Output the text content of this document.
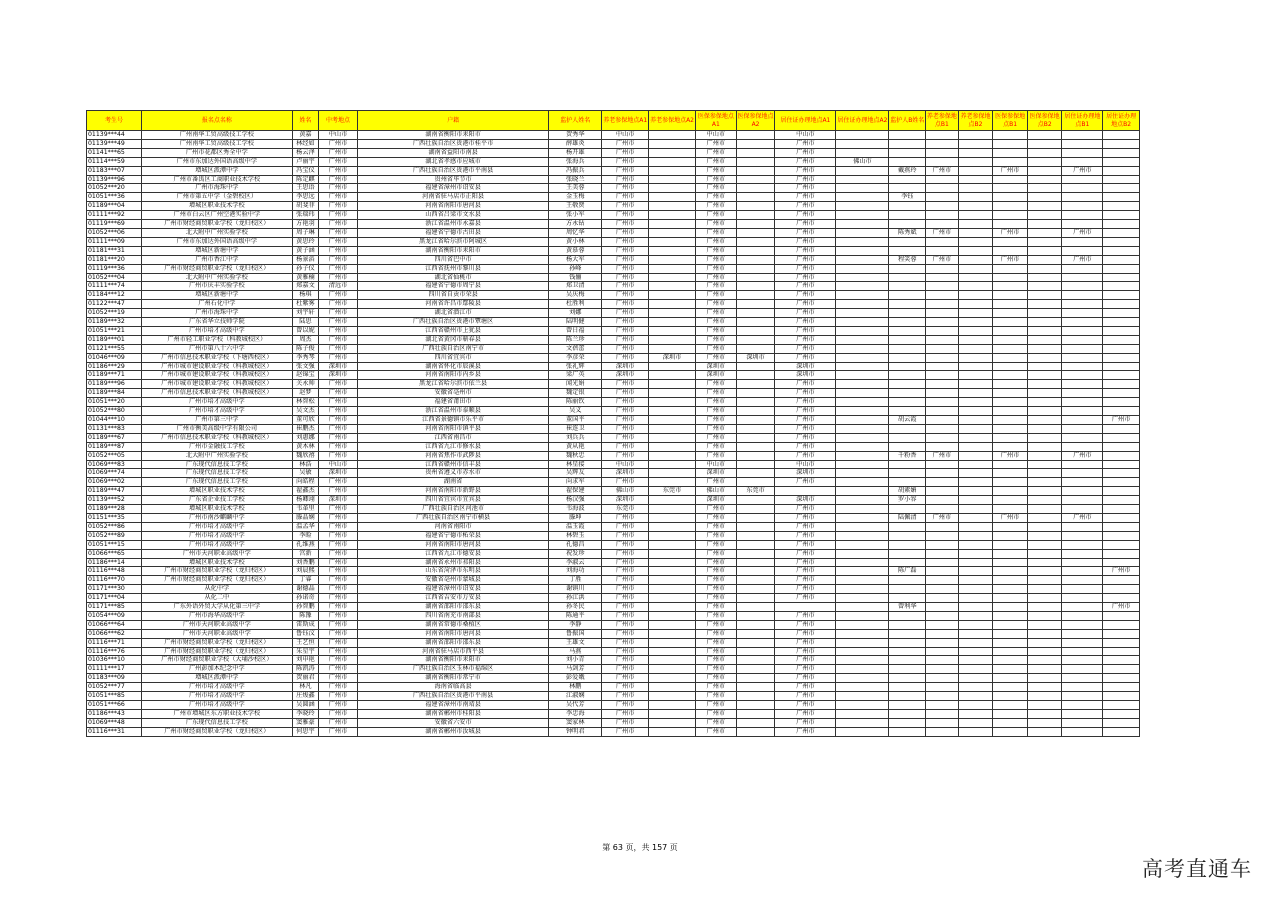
考生号	报名点名称	姓名	中考地点	户籍	监护人姓名	养老参保地点A1	养老参保地点A2	医保参保地点A1	医保参保地点A2	居住证办理地点A1	居住证办理地点A2	监护人B姓名	养老参保地点B1	养老参保地点B2	医保参保地点B1	医保参保地点B2	居住证办理地点B1	居住证办理地点B2
01139***44	广州南华工贸高级技工学校	黄嘉	中山市	湖南省衡阳市耒阳市	贺秀华	中山市		中山市		中山市								
01139***49	广州南华工贸高级技工学校	林经如	广州市	广西壮族自治区贵港市桂平市	薛雄炎	广州市		广州市		广州市								
01141***65	广州市花都区秀全中学	杨云泽	广州市	湖南省益阳市南县	杨开雄	广州市		广州市		广州市								
01114***59	广州市东加达外国语高级中学	卢丽宇	广州市	湖北省孝感市应城市	张海兵	广州市		广州市		广州市	佛山市							
01183***07	增城区派潭中学	冯宝仪	广州市	广西壮族自治区贵港市平南县	冯振兵	广州市		广州市		广州市		戴燕玲	广州市		广州市		广州市	
01139***96	广州市番禺区工商职业技术学校	陈定麒	广州市	贵州省毕节市	张晓兰	广州市		广州市		广州市								
01052***20	广州市海珠中学	王思语	广州市	福建省漳州市诏安县	王美蓉	广州市		广州市		广州市								
01051***36	广州市第五中学（金碧校区）	李思远	广州市	河南省驻马店市正阳县	金玉梅	广州市		广州市		广州市		李钰						
01189***04	增城区职业技术学校	胡斐菲	广州市	河南省南阳市唐河县	王敬贤	广州市		广州市		广州市								
01111***92	广州市白云区广州空港实验中学	张瑞玮	广州市	山西省吕梁市文水县	张小军	广州市		广州市		广州市								
01119***69	广州市财经商贸职业学校（龙归校区）	方艳羽	广州市	浙江省温州市永嘉县	方永钻	广州市		广州市		广州市								
01052***06	北大附中广州实验学校	周子琳	广州市	福建省宁德市古田县	周忆华	广州市		广州市		广州市		陈秀斌	广州市		广州市		广州市	
01111***09	广州市东加达外国语高级中学	黄思玲	广州市	黑龙江省哈尔滨市阿城区	黄小林	广州市		广州市		广州市								
01181***31	增城区新塘中学	黄子涵	广州市	湖南省衡阳市耒阳市	黄慕蓉	广州市		广州市		广州市								
01181***20	广州市香江中学	杨景滔	广州市	四川省巴中市	杨大军	广州市		广州市		广州市		程笑蓉	广州市		广州市		广州市	
01119***36	广州市财经商贸职业学校（龙归校区）	孙子仪	广州市	江西省抚州市黎川县	孙峰	广州市		广州市		广州市								
01052***04	北大附中广州实验学校	黄雅楠	广州市	湖北省仙桃市	钱俪	广州市		广州市		广州市								
01111***74	广州市庆丰实验学校	郑嘉文	清远市	福建省宁德市周宁县	郑卫清	广州市		广州市		广州市								
01184***12	增城区新塘中学	杨琪	广州市	四川省自贡市荣县	吴庆梅	广州市		广州市		广州市								
01122***47	广州石化中学	杜紫雾	广州市	河南省许昌市鄢陵县	杜胜利	广州市		广州市		广州市								
01052***19	广州市海珠中学	刘宇轩	广州市	湖北省潜江市	刘娜	广州市		广州市		广州市								
01189***32	广东省华立技师学院	陆思	广州市	广西壮族自治区贵港市覃塘区	陆明健	广州市		广州市		广州市								
01051***21	广州市培才高级中学	曾以妮	广州市	江西省赣州市上犹县	曾日福	广州市		广州市		广州市								
01189***01	广州市轻工职业学校（科教城校区）	周杰	广州市	湖北省黄冈市蕲春县	陈兰珍	广州市		广州市		广州市								
01121***55	广州市第八十六中学	陈子俊	广州市	广西壮族自治区南宁市	文蓓蕾	广州市		广州市		广州市								
01046***09	广州市信息技术职业学校（下塘西校区）	李秀琴	广州市	四川省宜宾市	李彦荣	广州市	深圳市	广州市	深圳市	广州市								
01186***29	广州市城市建设职业学校（科教城校区）	张文强	深圳市	湖南省怀化市辰溪县	张礼辉	深圳市		深圳市		深圳市								
01189***71	广州市城市建设职业学校（科教城校区）	赵锦宝	深圳市	河南省南阳市内乡县	梁广英	深圳市		深圳市		深圳市								
01189***96	广州市城市建设职业学校（科教城校区）	关永帅	广州市	黑龙江省哈尔滨市依兰县	闻光娟	广州市		广州市		广州市								
01189***84	广州市信息技术职业学校（科教城校区）	赵梦	广州市	安徽省亳州市	魏定银	广州市		广州市		广州市								
01051***20	广州市培才高级中学	林智松	广州市	福建省莆田市	陈丽钦	广州市		广州市		广州市								
01052***80	广州市培才高级中学	吴文杰	广州市	浙江省温州市泰顺县	吴义	广州市		广州市		广州市								
01044***10	广州市第三中学	董可欣	广州市	江西省景德镇市乐平市	董国平	广州市		广州市		广州市		胡云霞						广州市
01131***83	广州市衡美高级中学有限公司	崔鹏杰	广州市	河南省南阳市镇平县	崔连卫	广州市		广州市		广州市								
01189***67	广州市信息技术职业学校（科教城校区）	刘惠娜	广州市	江西省南昌市	刘兵兵	广州市		广州市		广州市								
01189***87	广州市金融技工学校	黄木林	广州市	江西省九江市修水县	黄从艳	广州市		广州市		广州市								
01052***05	北大附中广州实验学校	魏欣禧	广州市	河南省焦作市武陟县	魏秋忠	广州市		广州市		广州市		千粉香	广州市		广州市		广州市	
01069***83	广东现代信息技工学校	林浩	中山市	江西省赣州市信丰县	林星接	中山市		中山市		中山市								
01069***74	广东现代信息技工学校	吴敏	深圳市	贵州省遵义市赤水市	吴辉友	深圳市		深圳市		深圳市								
01069***02	广东现代信息技工学校	向皓程	广州市	湖南省	向求军	广州市		广州市		广州市								
01189***47	增城区职业技术学校	翟鑫杰	广州市	河南省南阳市新野县	翟保建	佛山市	东莞市	佛山市	东莞市			胡素媚						
01139***52	广东省企业技工学校	杨卿翊	深圳市	四川省宜宾市宜宾县	杨汉强	深圳市		深圳市		深圳市		罗小容						
01189***28	增城区职业技术学校	韦革里	广州市	广西壮族自治区河池市	韦海波	东莞市		广州市		广州市								
01151***35	广州市南沙麒麟中学	滕晶娴	广州市	广西壮族自治区南宁市横县	滕坤	广州市		广州市		广州市		陆佩清	广州市		广州市		广州市	
01052***86	广州市培才高级中学	温孟华	广州市	河南省南阳市	温玉霞	广州市		广州市		广州市								
01052***89	广州市培才高级中学	李睑	广州市	福建省宁德市柘荣县	林碧玉	广州市		广州市		广州市								
01051***15	广州市培才高级中学	孔维燕	广州市	河南省南阳市唐河县	孔德昌	广州市		广州市		广州市								
01066***65	广州市天河职业高级中学	宫新	广州市	江西省九江市德安县	祝发珍	广州市		广州市		广州市								
01186***14	增城区职业技术学校	刘香鹏	广州市	湖南省永州市祁阳县	李淑云	广州市		广州市		广州市								
01116***48	广州市财经商贸职业学校（龙归校区）	刘晨熙	广州市	山东省菏泽市东明县	刘海功	广州市		广州市		广州市		陈广磊						广州市
01116***70	广州市财经商贸职业学校（龙归校区）	丁睿	广州市	安徽省亳州市蒙城县	丁胜	广州市		广州市		广州市								
01171***30	从化中学	谢德晶	广州市	福建省漳州市诏安县	谢镇川	广州市		广州市		广州市								
01171***04	从化二中	孙诺奇	广州市	江西省吉安市万安县	孙江洪	广州市		广州市		广州市								
01171***85	广东外语外贸大学从化第三中学	孙智鹏	广州市	湖南省邵阳市邵东县	孙冬民	广州市		广州市				曾利华						广州市
01054***09	广州市海华高级中学	陈豫	广州市	四川省南充市南部县	陈通平	广州市		广州市		广州市								
01066***64	广州市天河职业高级中学	雷斯成	广州市	湖南省常德市桑植区	李静	广州市		广州市		广州市								
01066***62	广州市天河职业高级中学	鲁钰汶	广州市	河南省南阳市唐河县	鲁振国	广州市		广州市		广州市								
01116***71	广州市财经商贸职业学校（龙归校区）	王艺恒	广州市	湖南省邵阳市邵东县	王雄文	广州市		广州市		广州市								
01116***76	广州市财经商贸职业学校（龙归校区）	朱星宇	广州市	河南省驻马店市西平县	马燕	广州市		广州市		广州市								
01036***10	广州市财经商贸职业学校（大埔沙校区）	刘申艳	广州市	湖南省衡阳市耒阳市	刘小青	广州市		广州市		广州市								
01111***17	广州彭加木纪念中学	陈凯涛	广州市	广西壮族自治区玉林市福绵区	马剑芳	广州市		广州市		广州市								
01183***09	增城区派潭中学	贺丽君	广州市	湖南省衡阳市常宁市	彭爱娥	广州市		广州市		广州市								
01052***77	广州市培才高级中学	林凡	广州市	海南省临高县	林鹏	广州市		广州市		广州市								
01051***85	广州市培才高级中学	庄焌鑫	广州市	广西壮族自治区贵港市平南县	江淑娴	广州市		广州市		广州市								
01051***66	广州市培才高级中学	吴圆涵	广州市	福建省漳州市南靖县	吴代芳	广州市		广州市		广州市								
01186***43	广州市增城区东方职业技术学校	李晓玲	广州市	湖南省郴州市桂阳县	李忠海	广州市		广州市		广州市								
01069***48	广东现代信息技工学校	窦雅豪	广州市	安徽省六安市	窦家林	广州市		广州市		广州市								
01116***31	广州市财经商贸职业学校（龙归校区）	何思宇	广州市	湖南省郴州市汝城县	钟明君	广州市		广州市		广州市								
第 63 页，共 157 页
高考直通车
